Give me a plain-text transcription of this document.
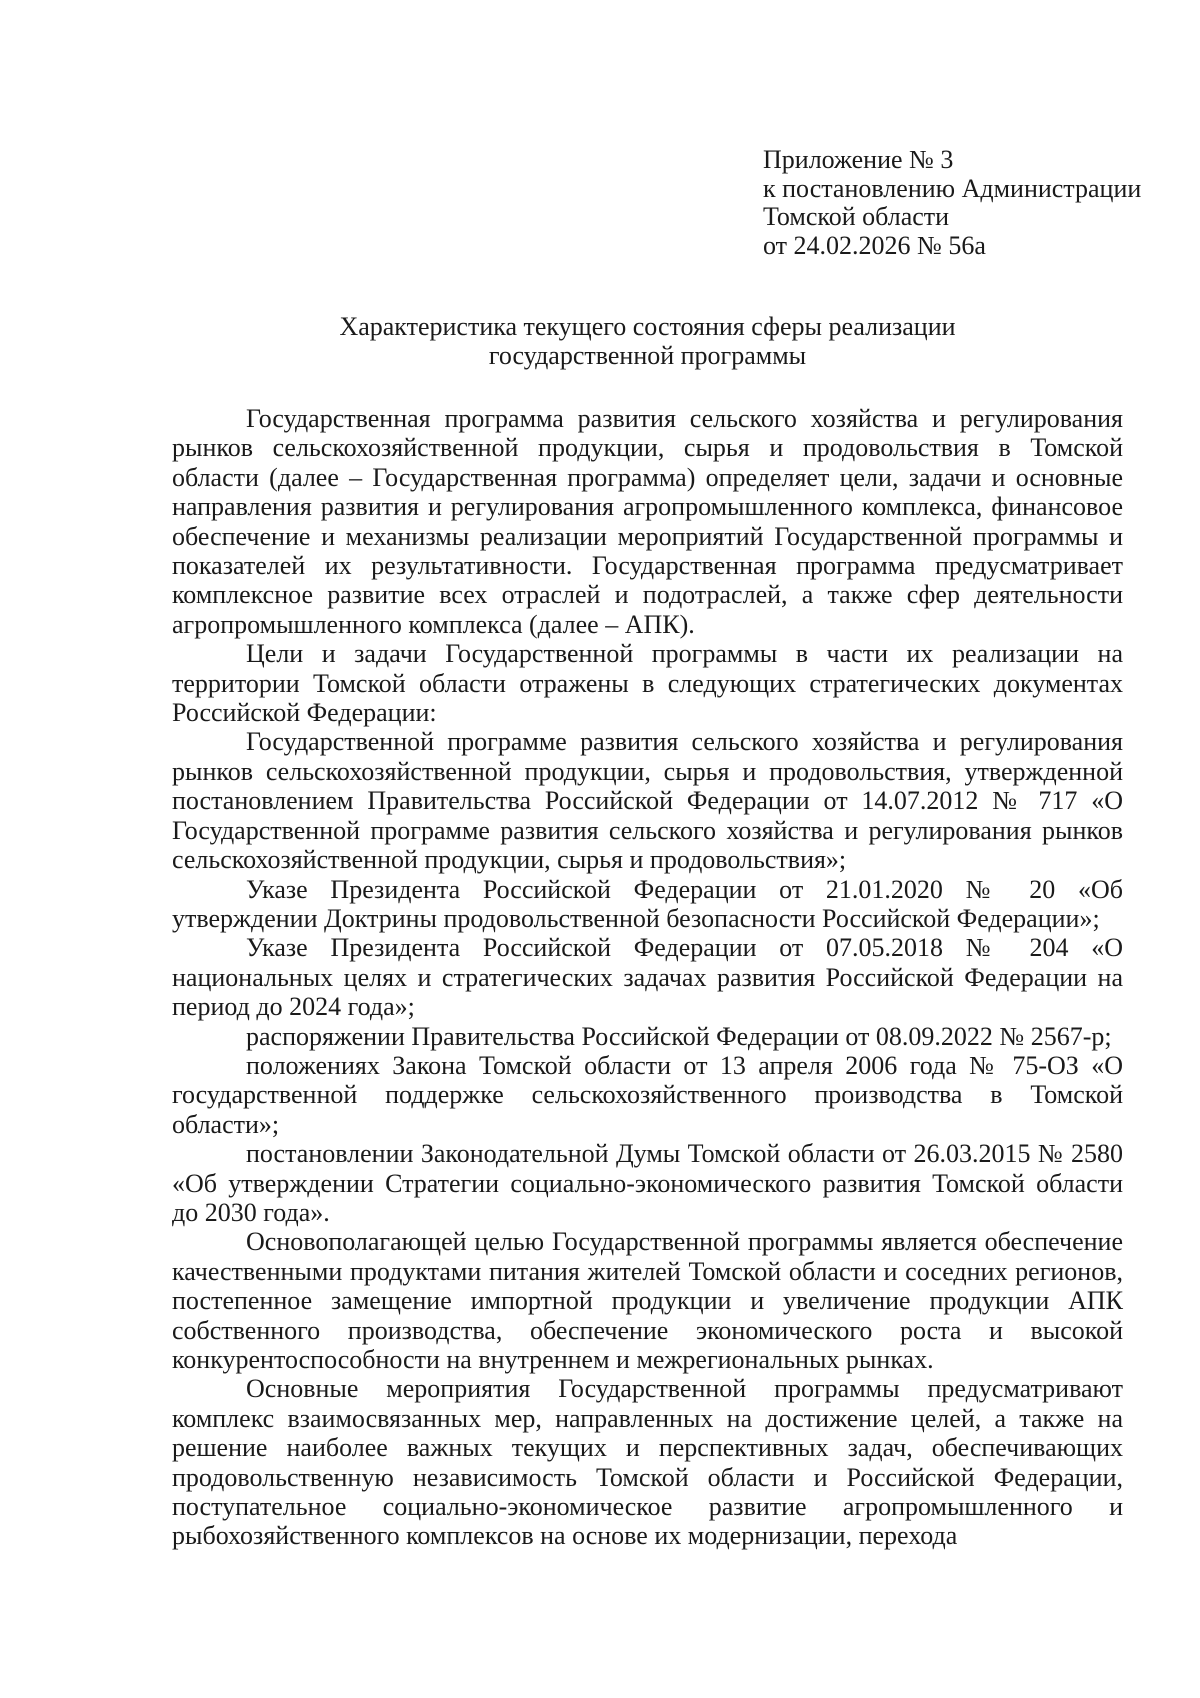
Приложение № 3
к постановлению Администрации
Томской области
от 24.02.2026 № 56а
Характеристика текущего состояния сферы реализации
государственной программы

Государственная программа развития сельского хозяйства и регулирования рынков сельскохозяйственной продукции, сырья и продовольствия в Томской области (далее – Государственная программа) определяет цели, задачи и основные направления развития и регулирования агропромышленного комплекса, финансовое обеспечение и механизмы реализации мероприятий Государственной программы и показателей их результативности. Государственная программа предусматривает комплексное развитие всех отраслей и подотраслей, а также сфер деятельности агропромышленного комплекса (далее – АПК).

Цели и задачи Государственной программы в части их реализации на территории Томской области отражены в следующих стратегических документах Российской Федерации:

Государственной программе развития сельского хозяйства и регулирования рынков сельскохозяйственной продукции, сырья и продовольствия, утвержденной постановлением Правительства Российской Федерации от 14.07.2012 № 717 «О Государственной программе развития сельского хозяйства и регулирования рынков сельскохозяйственной продукции, сырья и продовольствия»;

Указе Президента Российской Федерации от 21.01.2020 № 20 «Об утверждении Доктрины продовольственной безопасности Российской Федерации»;

Указе Президента Российской Федерации от 07.05.2018 № 204 «О национальных целях и стратегических задачах развития Российской Федерации на период до 2024 года»;

распоряжении Правительства Российской Федерации от 08.09.2022 № 2567-р;

положениях Закона Томской области от 13 апреля 2006 года № 75-ОЗ «О государственной поддержке сельскохозяйственного производства в Томской области»;

постановлении Законодательной Думы Томской области от 26.03.2015 № 2580 «Об утверждении Стратегии социально-экономического развития Томской области до 2030 года».

Основополагающей целью Государственной программы является обеспечение качественными продуктами питания жителей Томской области и соседних регионов, постепенное замещение импортной продукции и увеличение продукции АПК собственного производства, обеспечение экономического роста и высокой конкурентоспособности на внутреннем и межрегиональных рынках.

Основные мероприятия Государственной программы предусматривают комплекс взаимосвязанных мер, направленных на достижение целей, а также на решение наиболее важных текущих и перспективных задач, обеспечивающих продовольственную независимость Томской области и Российской Федерации, поступательное социально-экономическое развитие агропромышленного и рыбохозяйственного комплексов на основе их модернизации, перехода
